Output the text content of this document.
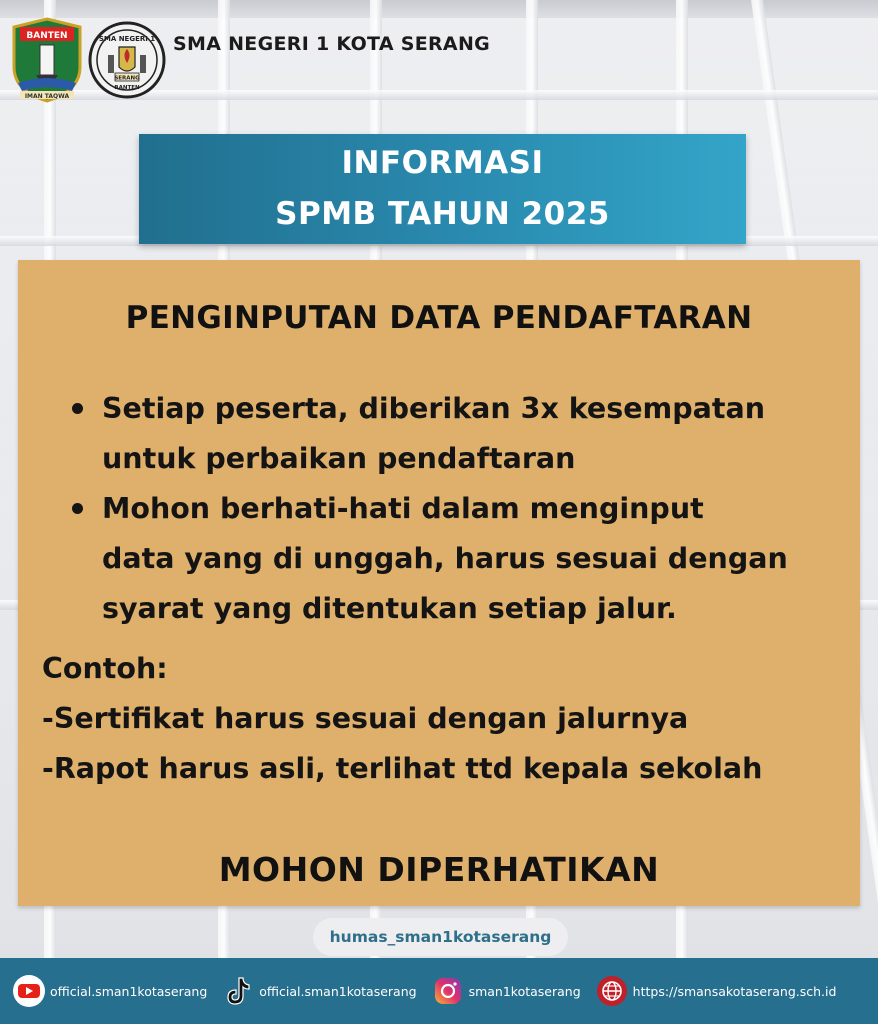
BANTEN
IMAN TAQWA
SMA NEGERI 1
SERANG
BANTEN
SMA NEGERI 1 KOTA SERANG
INFORMASI
SPMB TAHUN 2025
PENGINPUTAN DATA PENDAFTARAN
Setiap peserta, diberikan 3x kesempatan
untuk perbaikan pendaftaran
Mohon berhati-hati dalam menginput
data yang di unggah, harus sesuai dengan
syarat yang ditentukan setiap jalur.
Contoh:
-Sertifikat harus sesuai dengan jalurnya
-Rapot harus asli, terlihat ttd kepala sekolah
MOHON DIPERHATIKAN
humas_sman1kotaserang
official.sman1kotaserang	official.sman1kotaserang	sman1kotaserang	https://smansakotaserang.sch.id
